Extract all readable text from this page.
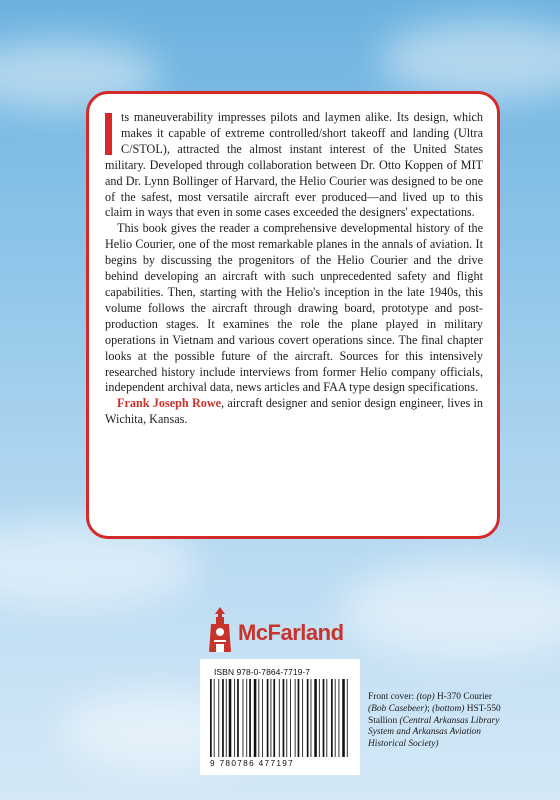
ts maneuverability impresses pilots and laymen alike. Its design, which makes it capable of extreme controlled/short takeoff and landing (Ultra C/STOL), attracted the almost instant interest of the United States military. Developed through collaboration between Dr. Otto Koppen of MIT and Dr. Lynn Bollinger of Harvard, the Helio Courier was designed to be one of the safest, most versatile aircraft ever produced—and lived up to this claim in ways that even in some cases exceeded the designers' expectations.

This book gives the reader a comprehensive developmental history of the Helio Courier, one of the most remarkable planes in the annals of aviation. It begins by discussing the progenitors of the Helio Courier and the drive behind developing an aircraft with such unprecedented safety and flight capabilities. Then, starting with the Helio's inception in the late 1940s, this volume follows the aircraft through drawing board, prototype and post-production stages. It examines the role the plane played in military operations in Vietnam and various covert operations since. The final chapter looks at the possible future of the aircraft. Sources for this intensively researched history include interviews from former Helio company officials, independent archival data, news articles and FAA type design specifications.

Frank Joseph Rowe, aircraft designer and senior design engineer, lives in Wichita, Kansas.

McFarland
ISBN 978-0-7864-7719-7
9 780786 477197
Front cover: (top) H-370 Courier (Bob Casebeer); (bottom) HST-550 Stallion (Central Arkansas Library System and Arkansas Aviation Historical Society)
